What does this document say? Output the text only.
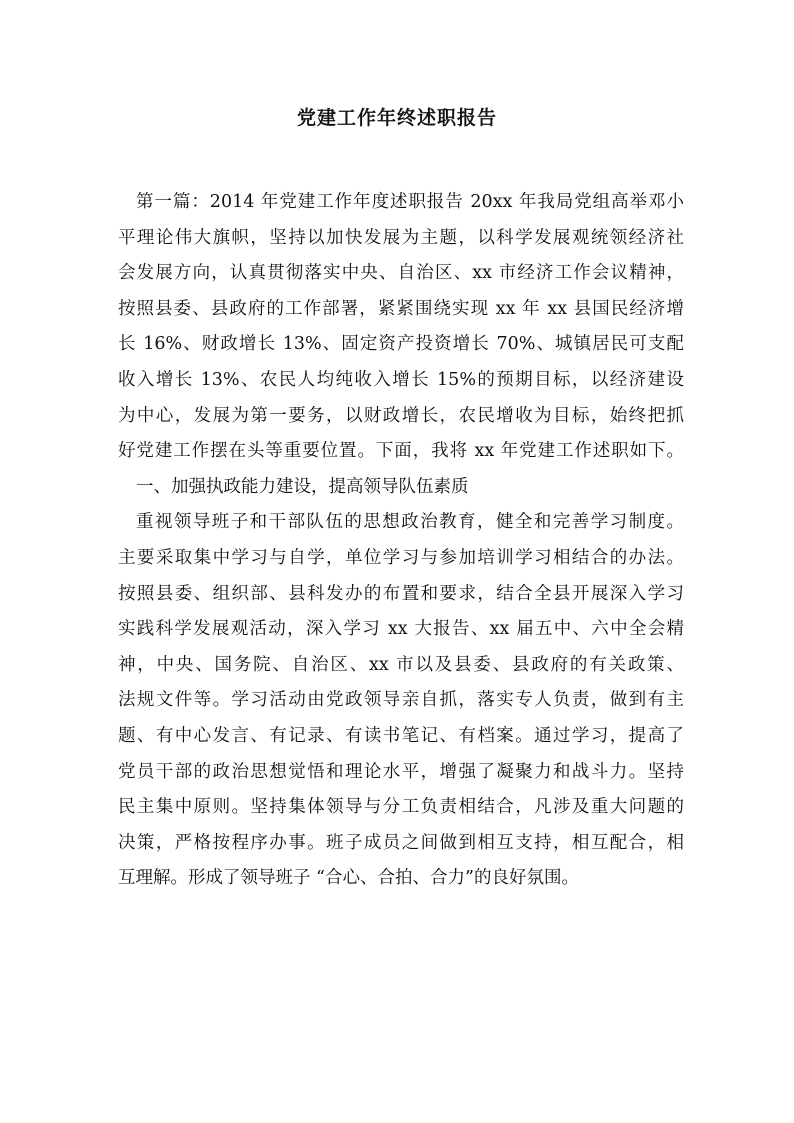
党建工作年终述职报告
第一篇：2014 年党建工作年度述职报告 20xx 年我局党组高举邓小
平理论伟大旗帜，坚持以加快发展为主题，以科学发展观统领经济社
会发展方向，认真贯彻落实中央、自治区、xx 市经济工作会议精神，
按照县委、县政府的工作部署，紧紧围绕实现 xx 年 xx 县国民经济增
长 16%、财政增长 13%、固定资产投资增长 70%、城镇居民可支配
收入增长 13%、农民人均纯收入增长 15%的预期目标，以经济建设
为中心，发展为第一要务，以财政增长，农民增收为目标，始终把抓
好党建工作摆在头等重要位置。下面，我将 xx 年党建工作述职如下。
一、加强执政能力建设，提高领导队伍素质
重视领导班子和干部队伍的思想政治教育，健全和完善学习制度。
主要采取集中学习与自学，单位学习与参加培训学习相结合的办法。
按照县委、组织部、县科发办的布置和要求，结合全县开展深入学习
实践科学发展观活动，深入学习 xx 大报告、xx 届五中、六中全会精
神，中央、国务院、自治区、xx 市以及县委、县政府的有关政策、
法规文件等。学习活动由党政领导亲自抓，落实专人负责，做到有主
题、有中心发言、有记录、有读书笔记、有档案。通过学习，提高了
党员干部的政治思想觉悟和理论水平，增强了凝聚力和战斗力。坚持
民主集中原则。坚持集体领导与分工负责相结合，凡涉及重大问题的
决策，严格按程序办事。班子成员之间做到相互支持，相互配合，相
互理解。形成了领导班子 “合心、合拍、合力”的良好氛围。
